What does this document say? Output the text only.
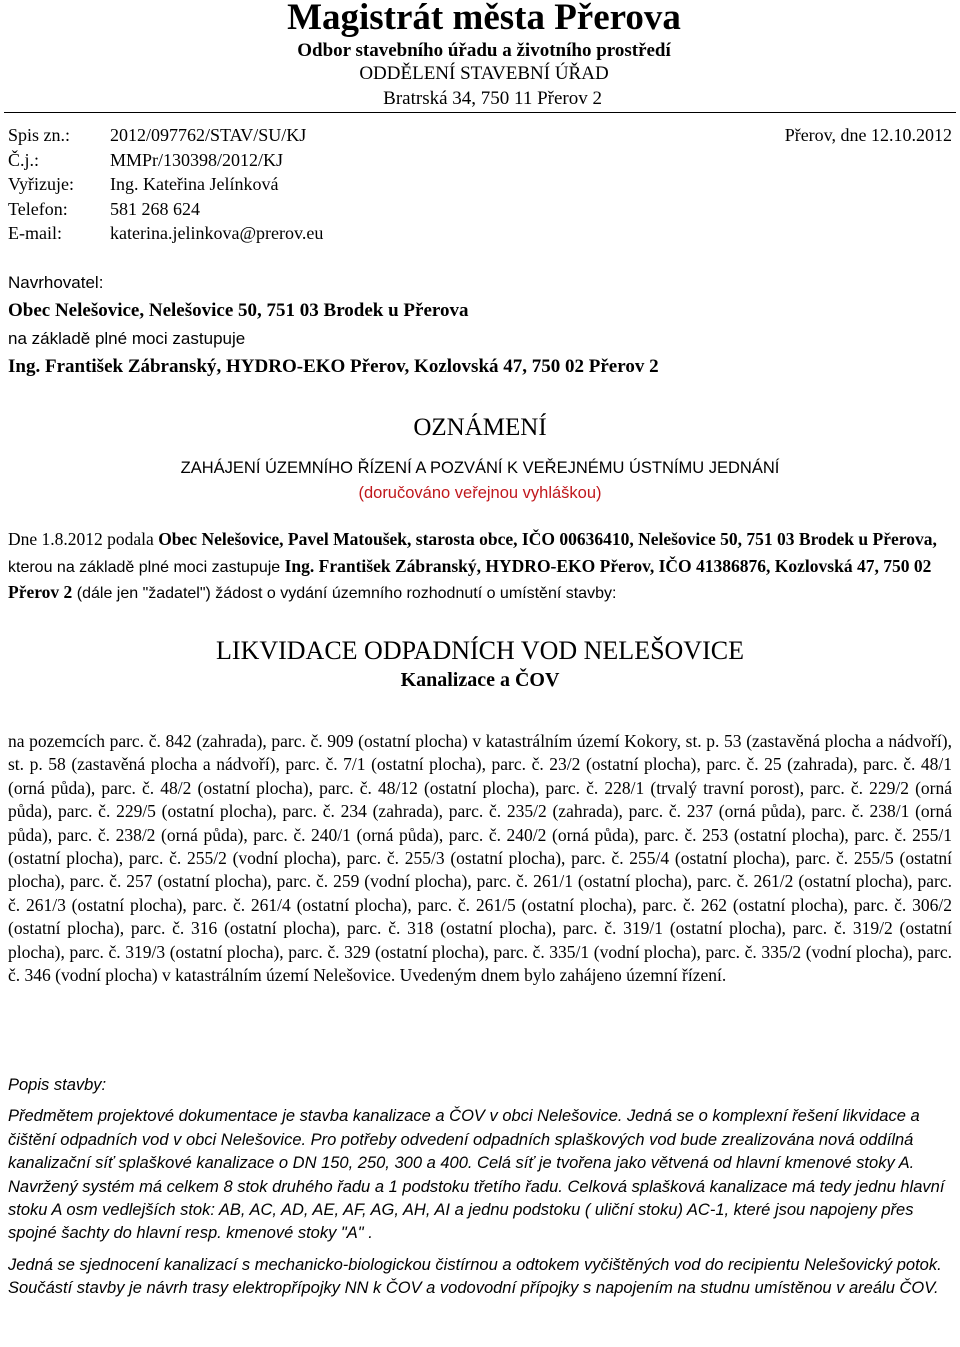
Magistrát města Přerova
Odbor stavebního úřadu a životního prostředí
ODDĚLENÍ STAVEBNÍ ÚŘAD
Bratrská 34, 750 11 Přerov 2
Spis zn.:	2012/097762/STAV/SU/KJ
Č.j.:	MMPr/130398/2012/KJ
Vyřizuje:	Ing. Kateřina Jelínková
Telefon:	581 268 624
E-mail:	katerina.jelinkova@prerov.eu
Přerov, dne 12.10.2012
Navrhovatel:
Obec Nelešovice, Nelešovice 50, 751 03 Brodek u Přerova
na základě plné moci zastupuje
Ing. František Zábranský, HYDRO-EKO Přerov, Kozlovská 47, 750 02 Přerov 2
OZNÁMENÍ
ZAHÁJENÍ ÚZEMNÍHO ŘÍZENÍ A POZVÁNÍ K VEŘEJNÉMU ÚSTNÍMU JEDNÁNÍ
(doručováno veřejnou vyhláškou)
Dne 1.8.2012 podala Obec Nelešovice, Pavel Matoušek, starosta obce, IČO 00636410, Nelešovice 50, 751 03 Brodek u Přerova, kterou na základě plné moci zastupuje Ing. František Zábranský, HYDRO-EKO Přerov, IČO 41386876, Kozlovská 47, 750 02 Přerov 2 (dále jen "žadatel") žádost o vydání územního rozhodnutí o umístění stavby:
LIKVIDACE ODPADNÍCH VOD NELEŠOVICE
Kanalizace a ČOV
na pozemcích parc. č. 842 (zahrada), parc. č. 909 (ostatní plocha) v katastrálním území Kokory, st. p. 53 (zastavěná plocha a nádvoří), st. p. 58 (zastavěná plocha a nádvoří), parc. č. 7/1 (ostatní plocha), parc. č. 23/2 (ostatní plocha), parc. č. 25 (zahrada), parc. č. 48/1 (orná půda), parc. č. 48/2 (ostatní plocha), parc. č. 48/12 (ostatní plocha), parc. č. 228/1 (trvalý travní porost), parc. č. 229/2 (orná půda), parc. č. 229/5 (ostatní plocha), parc. č. 234 (zahrada), parc. č. 235/2 (zahrada), parc. č. 237 (orná půda), parc. č. 238/1 (orná půda), parc. č. 238/2 (orná půda), parc. č. 240/1 (orná půda), parc. č. 240/2 (orná půda), parc. č. 253 (ostatní plocha), parc. č. 255/1 (ostatní plocha), parc. č. 255/2 (vodní plocha), parc. č. 255/3 (ostatní plocha), parc. č. 255/4 (ostatní plocha), parc. č. 255/5 (ostatní plocha), parc. č. 257 (ostatní plocha), parc. č. 259 (vodní plocha), parc. č. 261/1 (ostatní plocha), parc. č. 261/2 (ostatní plocha), parc. č. 261/3 (ostatní plocha), parc. č. 261/4 (ostatní plocha), parc. č. 261/5 (ostatní plocha), parc. č. 262 (ostatní plocha), parc. č. 306/2 (ostatní plocha), parc. č. 316 (ostatní plocha), parc. č. 318 (ostatní plocha), parc. č. 319/1 (ostatní plocha), parc. č. 319/2 (ostatní plocha), parc. č. 319/3 (ostatní plocha), parc. č. 329 (ostatní plocha), parc. č. 335/1 (vodní plocha), parc. č. 335/2 (vodní plocha), parc. č. 346 (vodní plocha) v katastrálním území Nelešovice. Uvedeným dnem bylo zahájeno územní řízení.
Popis stavby:

Předmětem projektové dokumentace je stavba kanalizace a ČOV v obci Nelešovice. Jedná se o komplexní řešení likvidace a čištění odpadních vod v obci Nelešovice. Pro potřeby odvedení odpadních splaškových vod bude zrealizována nová oddílná kanalizační síť splaškové kanalizace o DN 150, 250, 300 a 400. Celá síť je tvořena jako větvená od hlavní kmenové stoky A. Navržený systém má celkem 8 stok druhého řadu a 1 podstoku třetího řadu. Celková splašková kanalizace má tedy jednu hlavní stoku A osm vedlejších stok: AB, AC, AD, AE, AF, AG, AH, AI a jednu podstoku ( uliční stoku) AC-1, které jsou napojeny přes spojné šachty do hlavní resp. kmenové stoky "A" .

Jedná se sjednocení kanalizací s mechanicko-biologickou čistírnou a odtokem vyčištěných vod do recipientu Nelešovický potok. Součástí stavby je návrh trasy elektropřípojky NN k ČOV a vodovodní přípojky s napojením na studnu umístěnou v areálu ČOV.
